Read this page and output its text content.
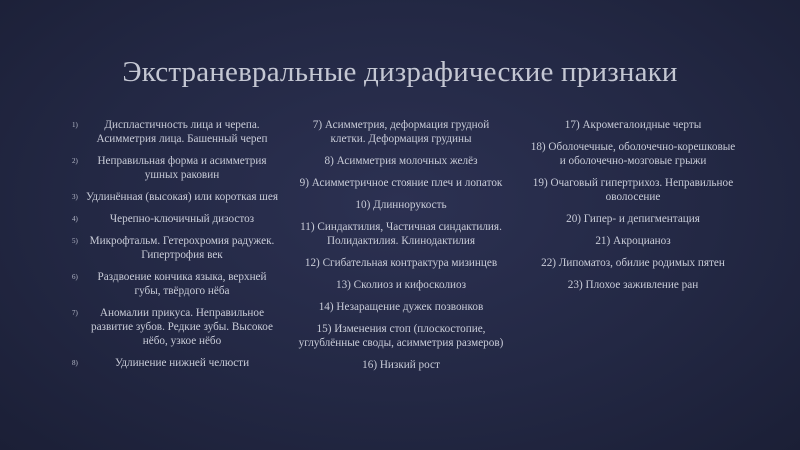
Экстраневральные дизрафические признаки
1)	Диспластичность лица и черепа. Асимметрия лица. Башенный череп
2)	Неправильная форма и асимметрия ушных раковин
3) Удлинённая (высокая) или короткая шея
4)	Черепно-ключичный дизостоз
5)	Микрофтальм. Гетерохромия радужек. Гипертрофия век
6)	Раздвоение кончика языка, верхней губы, твёрдого нёба
7)	Аномалии прикуса. Неправильное развитие зубов. Редкие зубы. Высокое нёбо, узкое нёбо
8)	Удлинение нижней челюсти
7) Асимметрия, деформация грудной клетки. Деформация грудины
8) Асимметрия молочных желёз
9) Асимметричное стояние плеч и лопаток
10) Длиннорукость
11) Синдактилия, Частичная синдактилия. Полидактилия. Клинодактилия
12) Сгибательная контрактура мизинцев
13) Сколиоз и кифосколиоз
14) Незаращение дужек позвонков
15) Изменения стоп (плоскостопие, углублённые своды, асимметрия размеров)
16) Низкий рост
17) Акромегалоидные черты
18) Оболочечные, оболочечно-корешковые и оболочечно-мозговые грыжи
19) Очаговый гипертрихоз. Неправильное оволосение
20) Гипер- и депигментация
21) Акроцианоз
22) Липоматоз, обилие родимых пятен
23) Плохое заживление ран
